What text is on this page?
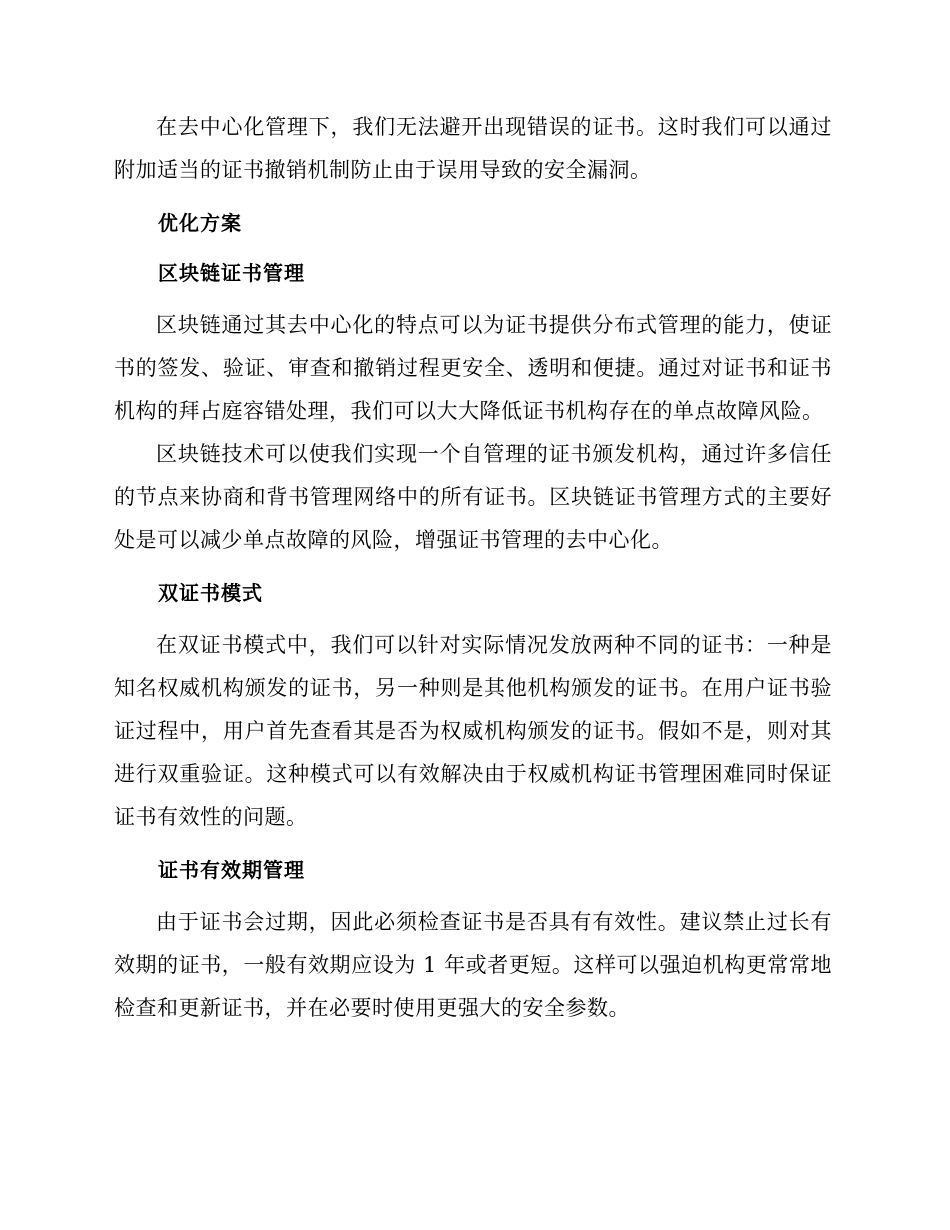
在去中心化管理下，我们无法避开出现错误的证书。这时我们可以通过附加适当的证书撤销机制防止由于误用导致的安全漏洞。

优化方案
区块链证书管理

区块链通过其去中心化的特点可以为证书提供分布式管理的能力，使证书的签发、验证、审查和撤销过程更安全、透明和便捷。通过对证书和证书机构的拜占庭容错处理，我们可以大大降低证书机构存在的单点故障风险。

区块链技术可以使我们实现一个自管理的证书颁发机构，通过许多信任的节点来协商和背书管理网络中的所有证书。区块链证书管理方式的主要好处是可以减少单点故障的风险，增强证书管理的去中心化。

双证书模式

在双证书模式中，我们可以针对实际情况发放两种不同的证书：一种是知名权威机构颁发的证书，另一种则是其他机构颁发的证书。在用户证书验证过程中，用户首先查看其是否为权威机构颁发的证书。假如不是，则对其进行双重验证。这种模式可以有效解决由于权威机构证书管理困难同时保证证书有效性的问题。

证书有效期管理

由于证书会过期，因此必须检查证书是否具有有效性。建议禁止过长有效期的证书，一般有效期应设为 1 年或者更短。这样可以强迫机构更常常地检查和更新证书，并在必要时使用更强大的安全参数。
